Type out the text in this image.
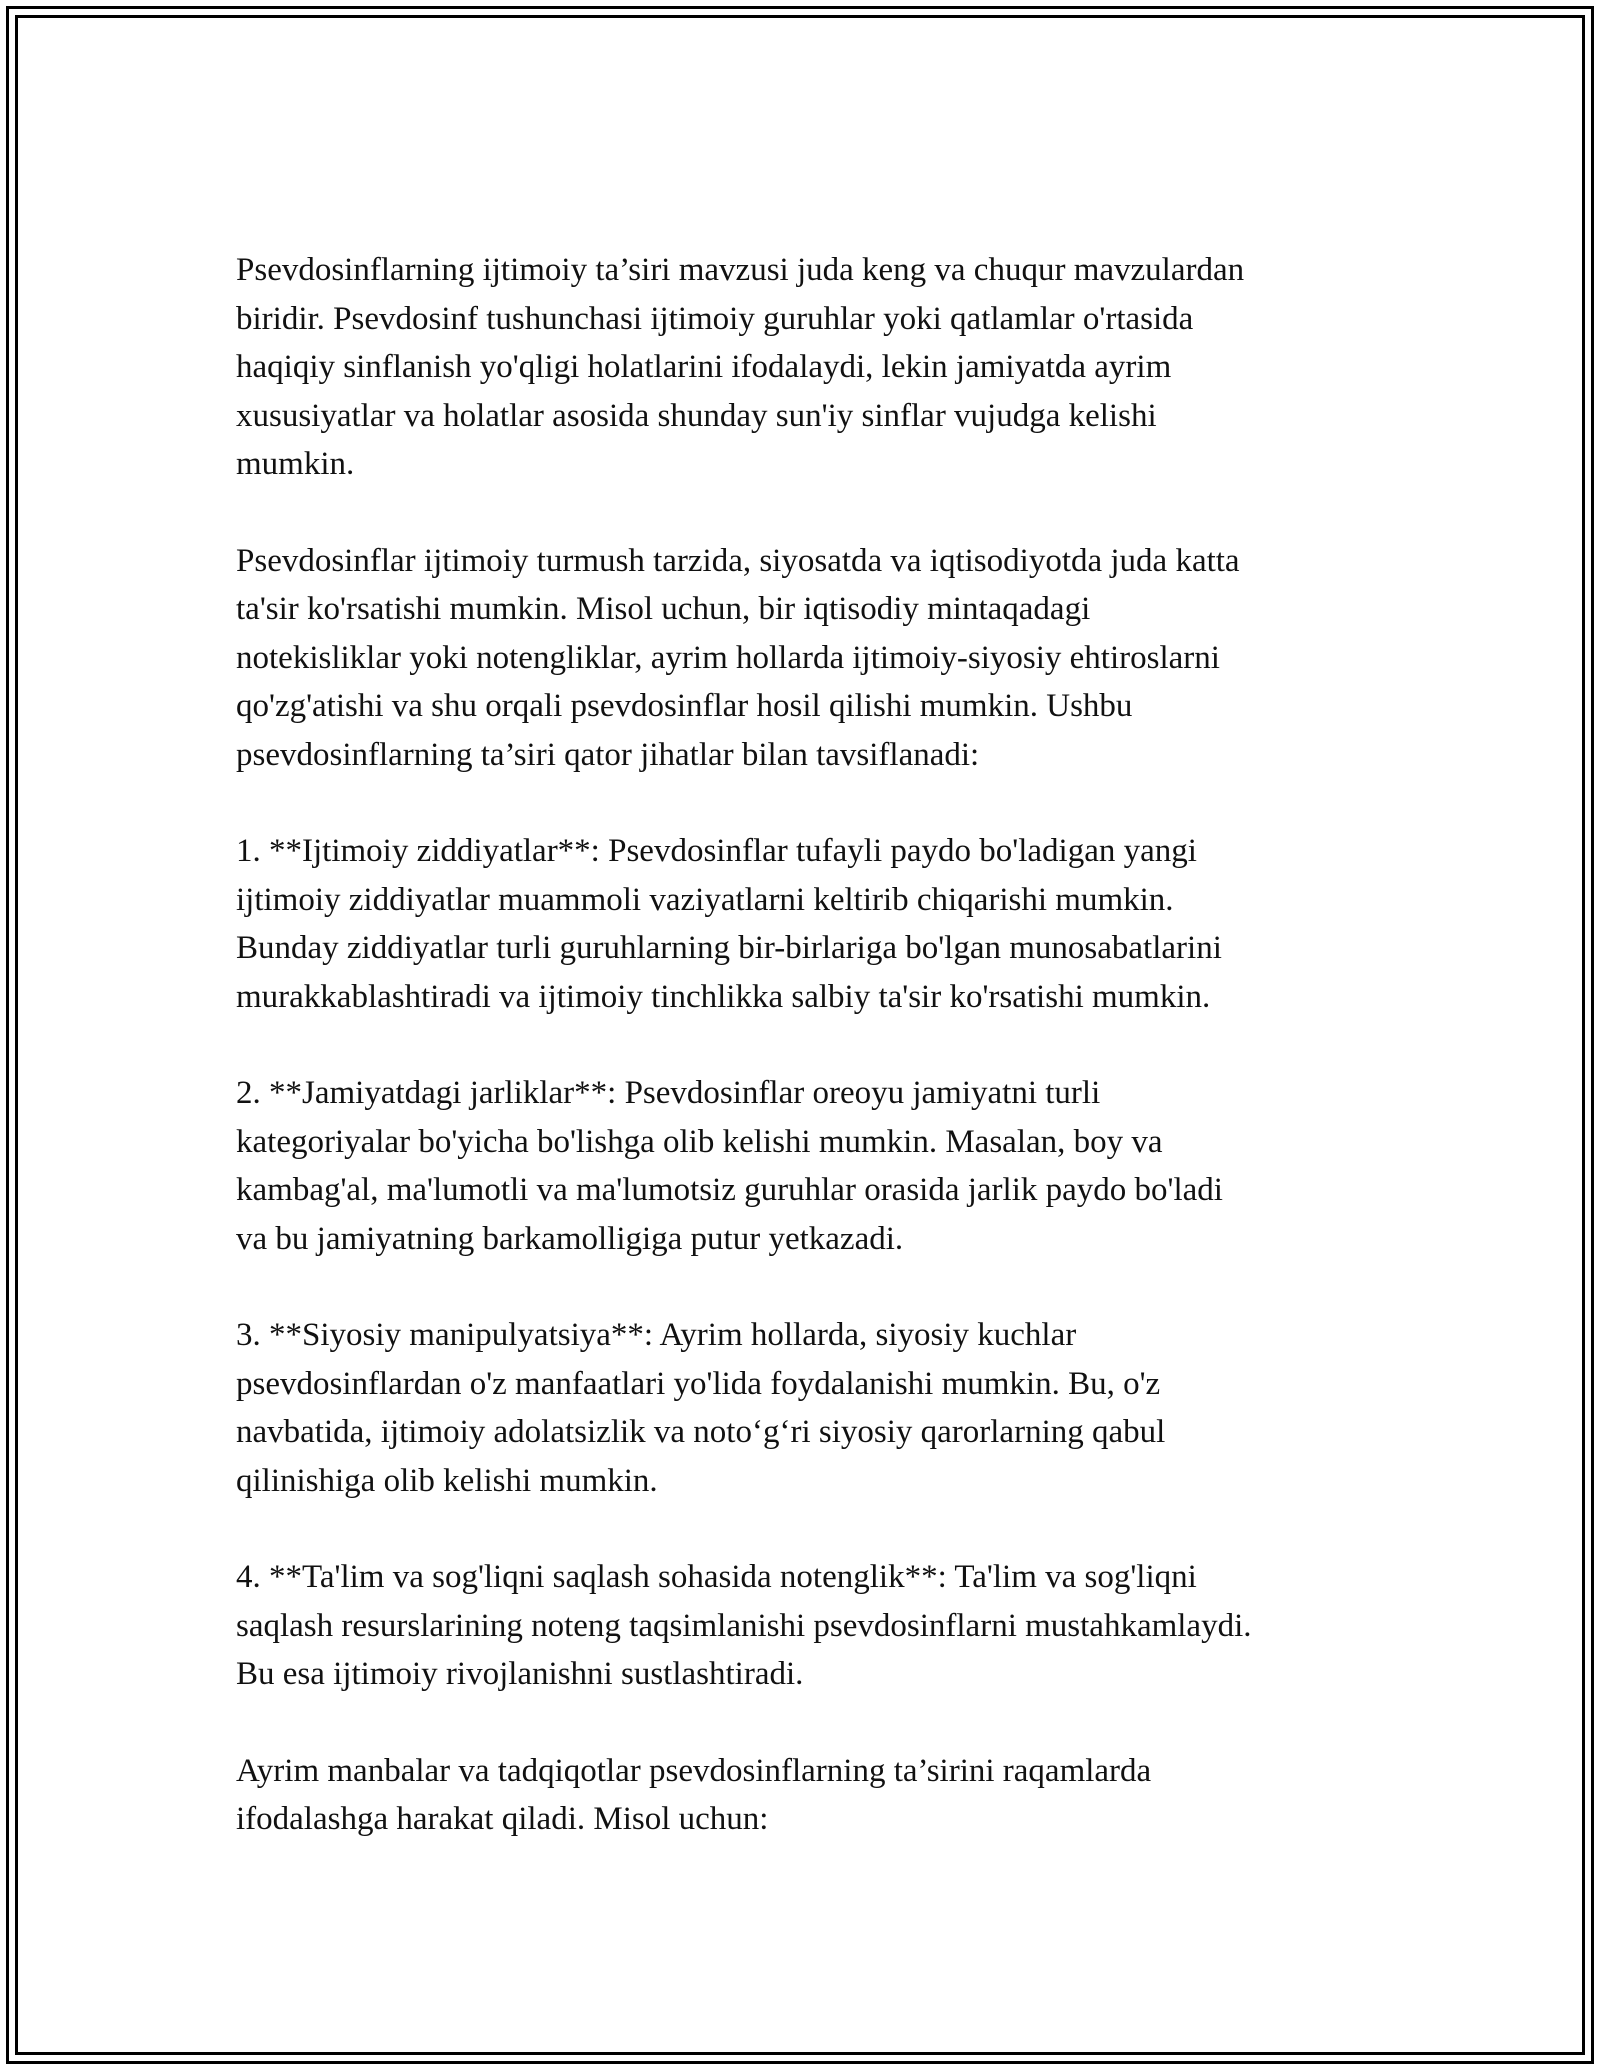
Psevdosinflarning ijtimoiy ta’siri mavzusi juda keng va chuqur mavzulardan
biridir. Psevdosinf tushunchasi ijtimoiy guruhlar yoki qatlamlar o'rtasida
haqiqiy sinflanish yo'qligi holatlarini ifodalaydi, lekin jamiyatda ayrim
xususiyatlar va holatlar asosida shunday sun'iy sinflar vujudga kelishi
mumkin.

Psevdosinflar ijtimoiy turmush tarzida, siyosatda va iqtisodiyotda juda katta
ta'sir ko'rsatishi mumkin. Misol uchun, bir iqtisodiy mintaqadagi
notekisliklar yoki notengliklar, ayrim hollarda ijtimoiy-siyosiy ehtiroslarni
qo'zg'atishi va shu orqali psevdosinflar hosil qilishi mumkin. Ushbu
psevdosinflarning ta’siri qator jihatlar bilan tavsiflanadi:

1. **Ijtimoiy ziddiyatlar**: Psevdosinflar tufayli paydo bo'ladigan yangi
ijtimoiy ziddiyatlar muammoli vaziyatlarni keltirib chiqarishi mumkin.
Bunday ziddiyatlar turli guruhlarning bir-birlariga bo'lgan munosabatlarini
murakkablashtiradi va ijtimoiy tinchlikka salbiy ta'sir ko'rsatishi mumkin.

2. **Jamiyatdagi jarliklar**: Psevdosinflar oreoyu jamiyatni turli
kategoriyalar bo'yicha bo'lishga olib kelishi mumkin. Masalan, boy va
kambag'al, ma'lumotli va ma'lumotsiz guruhlar orasida jarlik paydo bo'ladi
va bu jamiyatning barkamolligiga putur yetkazadi.

3. **Siyosiy manipulyatsiya**: Ayrim hollarda, siyosiy kuchlar
psevdosinflardan o'z manfaatlari yo'lida foydalanishi mumkin. Bu, o'z
navbatida, ijtimoiy adolatsizlik va noto‘g‘ri siyosiy qarorlarning qabul
qilinishiga olib kelishi mumkin.

4. **Ta'lim va sog'liqni saqlash sohasida notenglik**: Ta'lim va sog'liqni
saqlash resurslarining noteng taqsimlanishi psevdosinflarni mustahkamlaydi.
Bu esa ijtimoiy rivojlanishni sustlashtiradi.

Ayrim manbalar va tadqiqotlar psevdosinflarning ta’sirini raqamlarda
ifodalashga harakat qiladi. Misol uchun:
